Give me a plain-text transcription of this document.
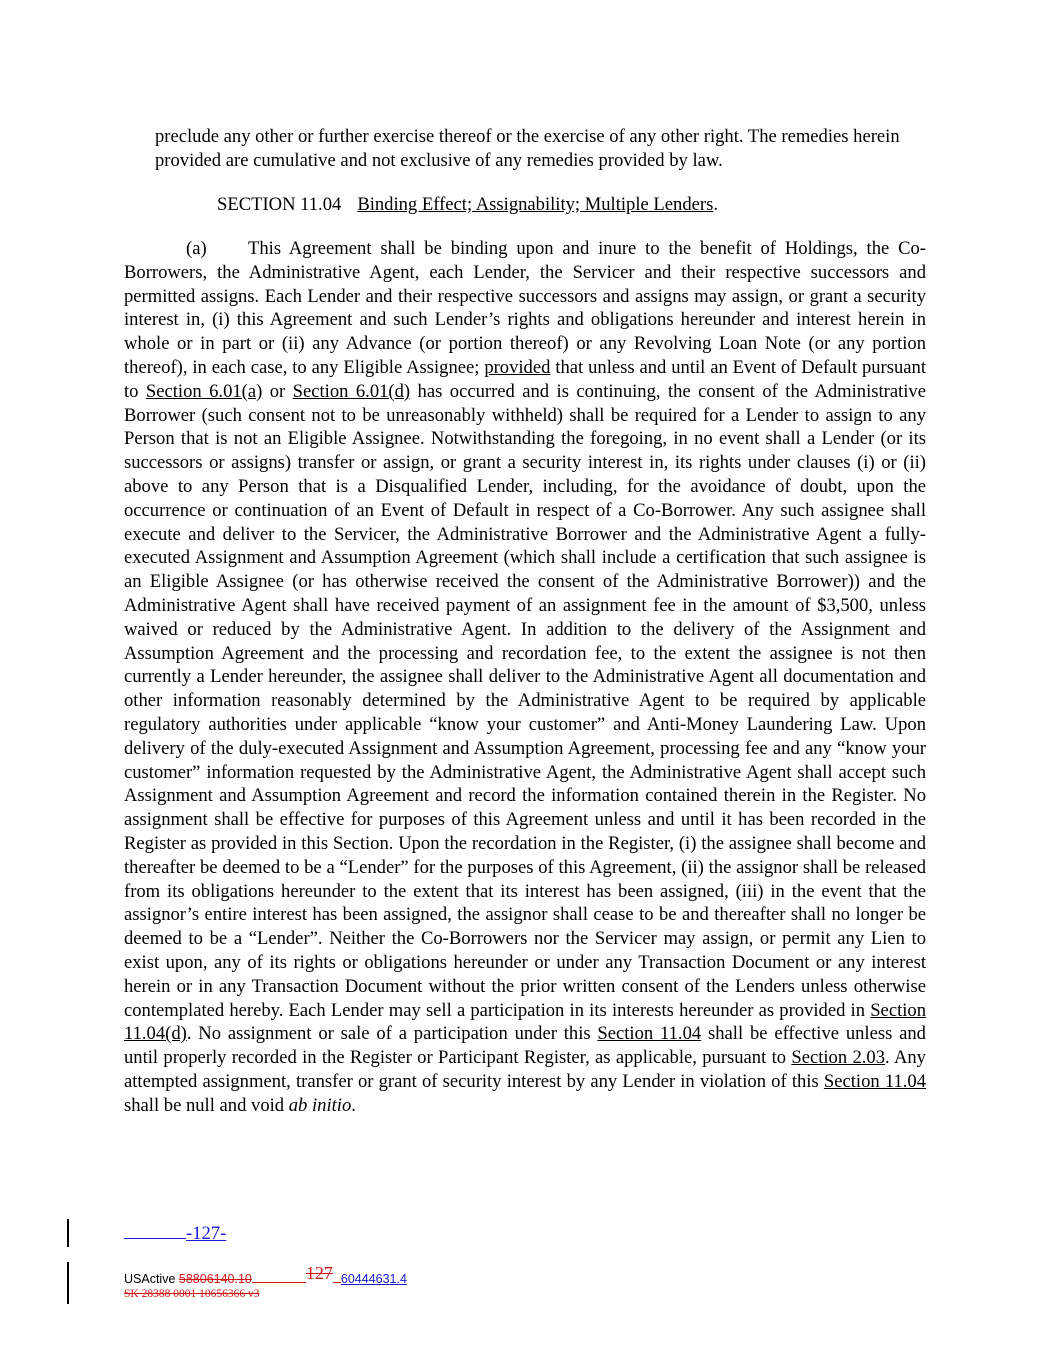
preclude any other or further exercise thereof or the exercise of any other right. The remedies herein provided are cumulative and not exclusive of any remedies provided by law.
SECTION 11.04 Binding Effect; Assignability; Multiple Lenders.
(a) This Agreement shall be binding upon and inure to the benefit of Holdings, the Co-Borrowers, the Administrative Agent, each Lender, the Servicer and their respective successors and permitted assigns. Each Lender and their respective successors and assigns may assign, or grant a security interest in, (i) this Agreement and such Lender’s rights and obligations hereunder and interest herein in whole or in part or (ii) any Advance (or portion thereof) or any Revolving Loan Note (or any portion thereof), in each case, to any Eligible Assignee; provided that unless and until an Event of Default pursuant to Section 6.01(a) or Section 6.01(d) has occurred and is continuing, the consent of the Administrative Borrower (such consent not to be unreasonably withheld) shall be required for a Lender to assign to any Person that is not an Eligible Assignee. Notwithstanding the foregoing, in no event shall a Lender (or its successors or assigns) transfer or assign, or grant a security interest in, its rights under clauses (i) or (ii) above to any Person that is a Disqualified Lender, including, for the avoidance of doubt, upon the occurrence or continuation of an Event of Default in respect of a Co-Borrower. Any such assignee shall execute and deliver to the Servicer, the Administrative Borrower and the Administrative Agent a fully-executed Assignment and Assumption Agreement (which shall include a certification that such assignee is an Eligible Assignee (or has otherwise received the consent of the Administrative Borrower)) and the Administrative Agent shall have received payment of an assignment fee in the amount of $3,500, unless waived or reduced by the Administrative Agent. In addition to the delivery of the Assignment and Assumption Agreement and the processing and recordation fee, to the extent the assignee is not then currently a Lender hereunder, the assignee shall deliver to the Administrative Agent all documentation and other information reasonably determined by the Administrative Agent to be required by applicable regulatory authorities under applicable “know your customer” and Anti-Money Laundering Law. Upon delivery of the duly-executed Assignment and Assumption Agreement, processing fee and any “know your customer” information requested by the Administrative Agent, the Administrative Agent shall accept such Assignment and Assumption Agreement and record the information contained therein in the Register. No assignment shall be effective for purposes of this Agreement unless and until it has been recorded in the Register as provided in this Section. Upon the recordation in the Register, (i) the assignee shall become and thereafter be deemed to be a “Lender” for the purposes of this Agreement, (ii) the assignor shall be released from its obligations hereunder to the extent that its interest has been assigned, (iii) in the event that the assignor’s entire interest has been assigned, the assignor shall cease to be and thereafter shall no longer be deemed to be a “Lender”. Neither the Co-Borrowers nor the Servicer may assign, or permit any Lien to exist upon, any of its rights or obligations hereunder or under any Transaction Document or any interest herein or in any Transaction Document without the prior written consent of the Lenders unless otherwise contemplated hereby. Each Lender may sell a participation in its interests hereunder as provided in Section 11.04(d). No assignment or sale of a participation under this Section 11.04 shall be effective unless and until properly recorded in the Register or Participant Register, as applicable, pursuant to Section 2.03. Any attempted assignment, transfer or grant of security interest by any Lender in violation of this Section 11.04 shall be null and void ab initio.
-127-
USActive 58806140.10	127 60444631.4
SK 28388 0001 10656366 v3
